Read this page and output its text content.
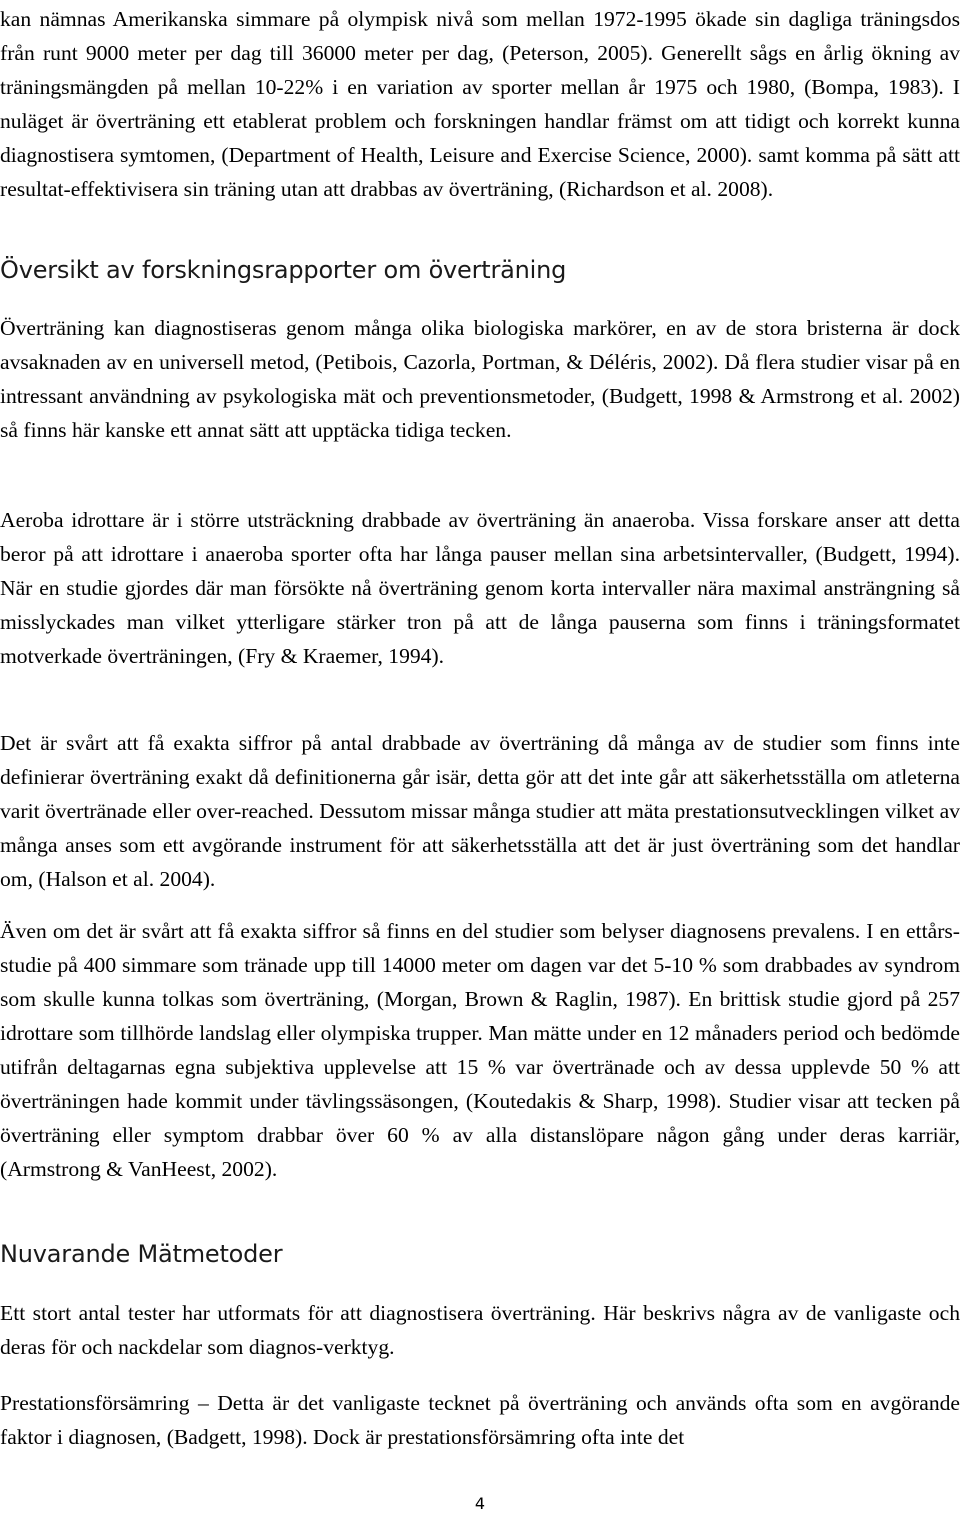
kan nämnas Amerikanska simmare på olympisk nivå som mellan 1972-1995 ökade sin dagliga träningsdos från runt 9000 meter per dag till 36000 meter per dag, (Peterson, 2005). Generellt sågs en årlig ökning av träningsmängden på mellan 10-22% i en variation av sporter mellan år 1975 och 1980, (Bompa, 1983). I nuläget är överträning ett etablerat problem och forskningen handlar främst om att tidigt och korrekt kunna diagnostisera symtomen, (Department of Health, Leisure and Exercise Science, 2000). samt komma på sätt att resultat-effektivisera sin träning utan att drabbas av överträning, (Richardson et al. 2008).

Översikt av forskningsrapporter om överträning

Överträning kan diagnostiseras genom många olika biologiska markörer, en av de stora bristerna är dock avsaknaden av en universell metod, (Petibois, Cazorla, Portman, & Déléris, 2002). Då flera studier visar på en intressant användning av psykologiska mät och preventionsmetoder, (Budgett, 1998 & Armstrong et al. 2002) så finns här kanske ett annat sätt att upptäcka tidiga tecken.

Aeroba idrottare är i större utsträckning drabbade av överträning än anaeroba. Vissa forskare anser att detta beror på att idrottare i anaeroba sporter ofta har långa pauser mellan sina arbetsintervaller, (Budgett, 1994). När en studie gjordes där man försökte nå överträning genom korta intervaller nära maximal ansträngning så misslyckades man vilket ytterligare stärker tron på att de långa pauserna som finns i träningsformatet motverkade överträningen, (Fry & Kraemer, 1994).

Det är svårt att få exakta siffror på antal drabbade av överträning då många av de studier som finns inte definierar överträning exakt då definitionerna går isär, detta gör att det inte går att säkerhetsställa om atleterna varit övertränade eller over-reached. Dessutom missar många studier att mäta prestationsutvecklingen vilket av många anses som ett avgörande instrument för att säkerhetsställa att det är just överträning som det handlar om, (Halson et al. 2004).

Även om det är svårt att få exakta siffror så finns en del studier som belyser diagnosens prevalens. I en ettårs-studie på 400 simmare som tränade upp till 14000 meter om dagen var det 5-10 % som drabbades av syndrom som skulle kunna tolkas som överträning, (Morgan, Brown & Raglin, 1987). En brittisk studie gjord på 257 idrottare som tillhörde landslag eller olympiska trupper. Man mätte under en 12 månaders period och bedömde utifrån deltagarnas egna subjektiva upplevelse att 15 % var övertränade och av dessa upplevde 50 % att överträningen hade kommit under tävlingssäsongen, (Koutedakis & Sharp, 1998). Studier visar att tecken på överträning eller symptom drabbar över 60 % av alla distanslöpare någon gång under deras karriär, (Armstrong & VanHeest, 2002).

Nuvarande Mätmetoder

Ett stort antal tester har utformats för att diagnostisera överträning. Här beskrivs några av de vanligaste och deras för och nackdelar som diagnos-verktyg.

Prestationsförsämring – Detta är det vanligaste tecknet på överträning och används ofta som en avgörande faktor i diagnosen, (Badgett, 1998). Dock är prestationsförsämring ofta inte det

4
